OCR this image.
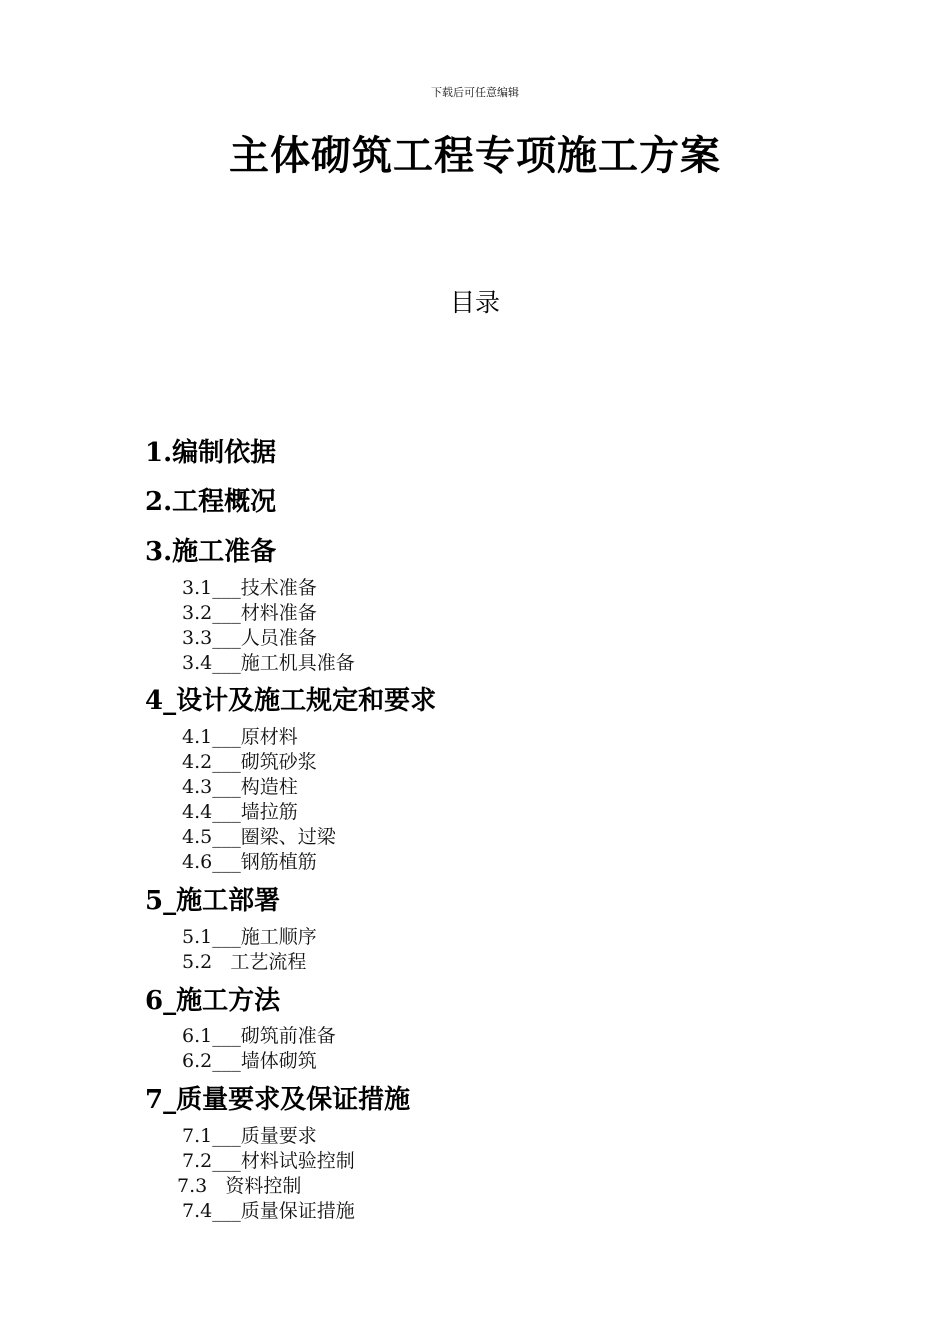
下载后可任意编辑
主体砌筑工程专项施工方案
目录
1.编制依据
2.工程概况
3.施工准备
3.1___技术准备
3.2___材料准备
3.3___人员准备
3.4___施工机具准备
4_设计及施工规定和要求
4.1___原材料
4.2___砌筑砂浆
4.3___构造柱
4.4___墙拉筋
4.5___圈梁、过梁
4.6___钢筋植筋
5_施工部署
5.1___施工顺序
5.2   工艺流程
6_施工方法
6.1___砌筑前准备
6.2___墙体砌筑
7_质量要求及保证措施
7.1___质量要求
7.2___材料试验控制
7.3   资料控制
7.4___质量保证措施
